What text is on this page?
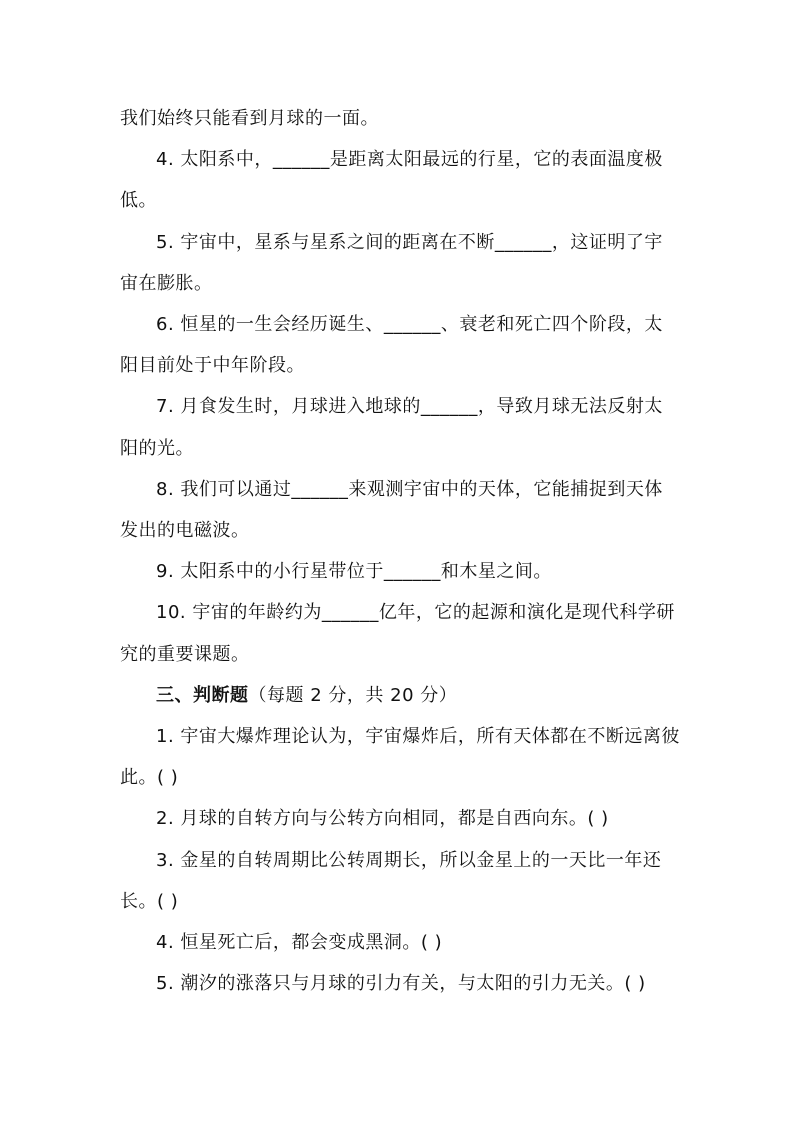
我们始终只能看到月球的一面。

4. 太阳系中，______是距离太阳最远的行星，它的表面温度极低。

5. 宇宙中，星系与星系之间的距离在不断______，这证明了宇宙在膨胀。

6. 恒星的一生会经历诞生、______、衰老和死亡四个阶段，太阳目前处于中年阶段。

7. 月食发生时，月球进入地球的______，导致月球无法反射太阳的光。

8. 我们可以通过______来观测宇宙中的天体，它能捕捉到天体发出的电磁波。

9. 太阳系中的小行星带位于______和木星之间。

10. 宇宙的年龄约为______亿年，它的起源和演化是现代科学研究的重要课题。

三、判断题（每题 2 分，共 20 分）

1. 宇宙大爆炸理论认为，宇宙爆炸后，所有天体都在不断远离彼此。( )

2. 月球的自转方向与公转方向相同，都是自西向东。( )

3. 金星的自转周期比公转周期长，所以金星上的一天比一年还长。( )

4. 恒星死亡后，都会变成黑洞。( )

5. 潮汐的涨落只与月球的引力有关，与太阳的引力无关。( )
